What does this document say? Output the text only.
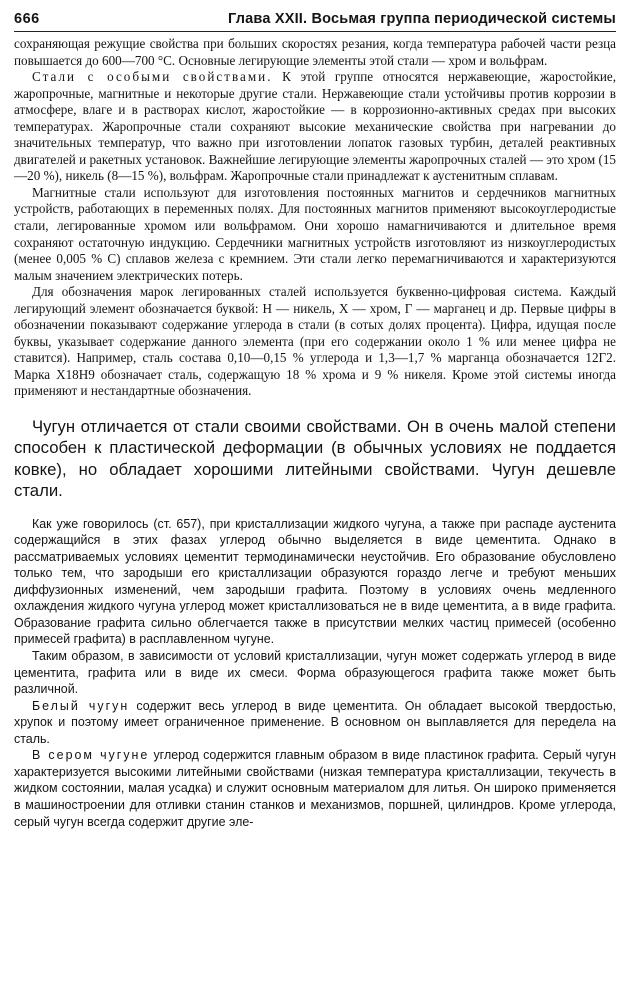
666	Глава XXII. Восьмая группа периодической системы

сохраняющая режущие свойства при больших скоростях резания, когда температура рабочей части резца повышается до 600—700 °C. Основные легирующие элементы этой стали — хром и вольфрам.

Стали с особыми свойствами. К этой группе относятся нержавеющие, жаростойкие, жаропрочные, магнитные и некоторые другие стали. Нержавеющие стали устойчивы против коррозии в атмосфере, влаге и в растворах кислот, жаростойкие — в коррозионно-активных средах при высоких температурах. Жаропрочные стали сохраняют высокие механические свойства при нагревании до значительных температур, что важно при изготовлении лопаток газовых турбин, деталей реактивных двигателей и ракетных установок. Важнейшие легирующие элементы жаропрочных сталей — это хром (15—20 %), никель (8—15 %), вольфрам. Жаропрочные стали принадлежат к аустенитным сплавам.

Магнитные стали используют для изготовления постоянных магнитов и сердечников магнитных устройств, работающих в переменных полях. Для постоянных магнитов применяют высокоуглеродистые стали, легированные хромом или вольфрамом. Они хорошо намагничиваются и длительное время сохраняют остаточную индукцию. Сердечники магнитных устройств изготовляют из низкоуглеродистых (менее 0,005 % С) сплавов железа с кремнием. Эти стали легко перемагничиваются и характеризуются малым значением электрических потерь.

Для обозначения марок легированных сталей используется буквенно-цифровая система. Каждый легирующий элемент обозначается буквой: Н — никель, Х — хром, Г — марганец и др. Первые цифры в обозначении показывают содержание углерода в стали (в сотых долях процента). Цифра, идущая после буквы, указывает содержание данного элемента (при его содержании около 1 % или менее цифра не ставится). Например, сталь состава 0,10—0,15 % углерода и 1,3—1,7 % марганца обозначается 12Г2. Марка Х18Н9 обозначает сталь, содержащую 18 % хрома и 9 % никеля. Кроме этой системы иногда применяют и нестандартные обозначения.

Чугун отличается от стали своими свойствами. Он в очень малой степени способен к пластической деформации (в обычных условиях не поддается ковке), но обладает хорошими литейными свойствами. Чугун дешевле стали.

Как уже говорилось (ст. 657), при кристаллизации жидкого чугуна, а также при распаде аустенита содержащийся в этих фазах углерод обычно выделяется в виде цементита. Однако в рассматриваемых условиях цементит термодинамически неустойчив. Его образование обусловлено только тем, что зародыши его кристаллизации образуются гораздо легче и требуют меньших диффузионных изменений, чем зародыши графита. Поэтому в условиях очень медленного охлаждения жидкого чугуна углерод может кристаллизоваться не в виде цементита, а в виде графита. Образование графита сильно облегчается также в присутствии мелких частиц примесей (особенно примесей графита) в расплавленном чугуне.

Таким образом, в зависимости от условий кристаллизации, чугун может содержать углерод в виде цементита, графита или в виде их смеси. Форма образующегося графита также может быть различной.

Белый чугун содержит весь углерод в виде цементита. Он обладает высокой твердостью, хрупок и поэтому имеет ограниченное применение. В основном он выплавляется для передела на сталь.

В сером чугуне углерод содержится главным образом в виде пластинок графита. Серый чугун характеризуется высокими литейными свойствами (низкая температура кристаллизации, текучесть в жидком состоянии, малая усадка) и служит основным материалом для литья. Он широко применяется в машиностроении для отливки станин станков и механизмов, поршней, цилиндров. Кроме углерода, серый чугун всегда содержит другие эле-
